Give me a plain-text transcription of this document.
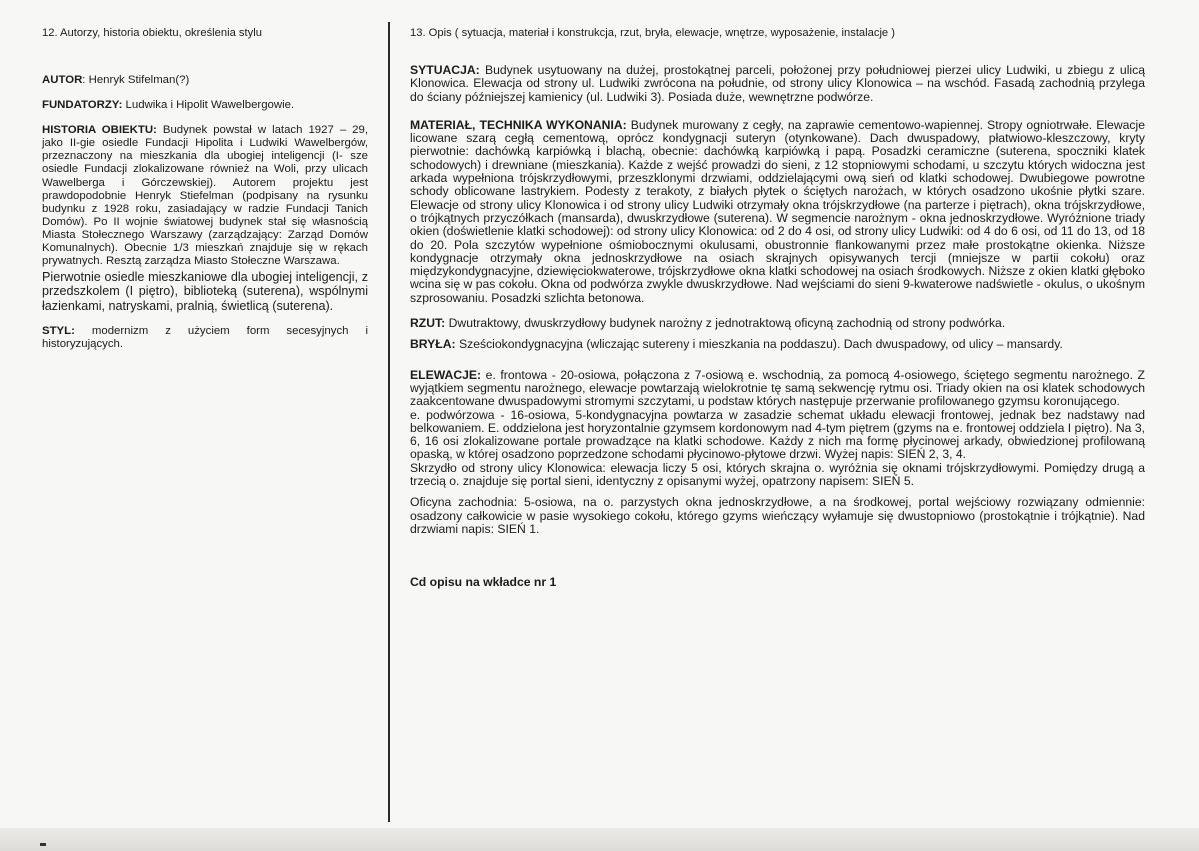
12. Autorzy, historia obiektu, określenia stylu

AUTOR: Henryk Stifelman(?)

FUNDATORZY: Ludwika i Hipolit Wawelbergowie.

HISTORIA OBIEKTU: Budynek powstał w latach 1927 – 29, jako II-gie osiedle Fundacji Hipolita i Ludwiki Wawelbergów, przeznaczony na mieszkania dla ubogiej inteligencji (I- sze osiedle Fundacji zlokalizowane również na Woli, przy ulicach Wawelberga i Górczewskiej). Autorem projektu jest prawdopodobnie Henryk Stiefelman (podpisany na rysunku budynku z 1928 roku, zasiadający w radzie Fundacji Tanich Domów). Po II wojnie światowej budynek stał się własnością Miasta Stołecznego Warszawy (zarządzający: Zarząd Domów Komunalnych). Obecnie 1/3 mieszkań znajduje się w rękach prywatnych. Resztą zarządza Miasto Stołeczne Warszawa.

Pierwotnie osiedle mieszkaniowe dla ubogiej inteligencji, z przedszkolem (I piętro), biblioteką (suterena), wspólnymi łazienkami, natryskami, pralnią, świetlicą (suterena).

STYL: modernizm z użyciem form secesyjnych i historyzujących.

13. Opis ( sytuacja, materiał i konstrukcja, rzut, bryła, elewacje, wnętrze, wyposażenie, instalacje )

SYTUACJA: Budynek usytuowany na dużej, prostokątnej parceli, położonej przy południowej pierzei ulicy Ludwiki, u zbiegu z ulicą Klonowica. Elewacja od strony ul. Ludwiki zwrócona na południe, od strony ulicy Klonowica – na wschód. Fasadą zachodnią przylega do ściany późniejszej kamienicy (ul. Ludwiki 3). Posiada duże, wewnętrzne podwórze.

MATERIAŁ, TECHNIKA WYKONANIA: Budynek murowany z cegły, na zaprawie cementowo-wapiennej. Stropy ogniotrwałe. Elewacje licowane szarą cegłą cementową, oprócz kondygnacji suteryn (otynkowane). Dach dwuspadowy, płatwiowo-kleszczowy, kryty pierwotnie: dachówką karpiówką i blachą, obecnie: dachówką karpiówką i papą. Posadzki ceramiczne (suterena, spoczniki klatek schodowych) i drewniane (mieszkania). Każde z wejść prowadzi do sieni, z 12 stopniowymi schodami, u szczytu których widoczna jest arkada wypełniona trójskrzydłowymi, przeszklonymi drzwiami, oddzielającymi ową sień od klatki schodowej. Dwubiegowe powrotne schody oblicowane lastrykiem. Podesty z terakoty, z białych płytek o ściętych narożach, w których osadzono ukośnie płytki szare. Elewacje od strony ulicy Klonowica i od strony ulicy Ludwiki otrzymały okna trójskrzydłowe (na parterze i piętrach), okna trójskrzydłowe, o trójkątnych przyczółkach (mansarda), dwuskrzydłowe (suterena). W segmencie narożnym - okna jednoskrzydłowe. Wyróżnione triady okien (doświetlenie klatki schodowej): od strony ulicy Klonowica: od 2 do 4 osi, od strony ulicy Ludwiki: od 4 do 6 osi, od 11 do 13, od 18 do 20. Pola szczytów wypełnione ośmiobocznymi okulusami, obustronnie flankowanymi przez małe prostokątne okienka. Niższe kondygnacje otrzymały okna jednoskrzydłowe na osiach skrajnych opisywanych tercji (mniejsze w partii cokołu) oraz międzykondygnacyjne, dziewięciokwaterowe, trójskrzydłowe okna klatki schodowej na osiach środkowych. Niższe z okien klatki głęboko wcina się w pas cokołu. Okna od podwórza zwykle dwuskrzydłowe. Nad wejściami do sieni 9-kwaterowe nadświetle - okulus, o ukośnym szprosowaniu. Posadzki szlichta betonowa.

RZUT: Dwutraktowy, dwuskrzydłowy budynek narożny z jednotraktową oficyną zachodnią od strony podwórka.

BRYŁA: Sześciokondygnacyjna (wliczając sutereny i mieszkania na poddaszu). Dach dwuspadowy, od ulicy – mansardy.

ELEWACJE: e. frontowa - 20-osiowa, połączona z 7-osiową e. wschodnią, za pomocą 4-osiowego, ściętego segmentu narożnego. Z wyjątkiem segmentu narożnego, elewacje powtarzają wielokrotnie tę samą sekwencję rytmu osi. Triady okien na osi klatek schodowych zaakcentowane dwuspadowymi stromymi szczytami, u podstaw których następuje przerwanie profilowanego gzymsu koronującego.

e. podwórzowa - 16-osiowa, 5-kondygnacyjna powtarza w zasadzie schemat układu elewacji frontowej, jednak bez nadstawy nad belkowaniem. E. oddzielona jest horyzontalnie gzymsem kordonowym nad 4-tym piętrem (gzyms na e. frontowej oddziela I piętro). Na 3, 6, 16 osi zlokalizowane portale prowadzące na klatki schodowe. Każdy z nich ma formę płycinowej arkady, obwiedzionej profilowaną opaską, w której osadzono poprzedzone schodami płycinowo-płytowe drzwi. Wyżej napis: SIEŃ 2, 3, 4.

Skrzydło od strony ulicy Klonowica: elewacja liczy 5 osi, których skrajna o. wyróżnia się oknami trójskrzydłowymi. Pomiędzy drugą a trzecią o. znajduje się portal sieni, identyczny z opisanymi wyżej, opatrzony napisem: SIEŃ 5.

Oficyna zachodnia: 5-osiowa, na o. parzystych okna jednoskrzydłowe, a na środkowej, portal wejściowy rozwiązany odmiennie: osadzony całkowicie w pasie wysokiego cokołu, którego gzyms wieńczący wyłamuje się dwustopniowo (prostokątnie i trójkątnie). Nad drzwiami napis: SIEŃ 1.

Cd opisu na wkładce nr 1
